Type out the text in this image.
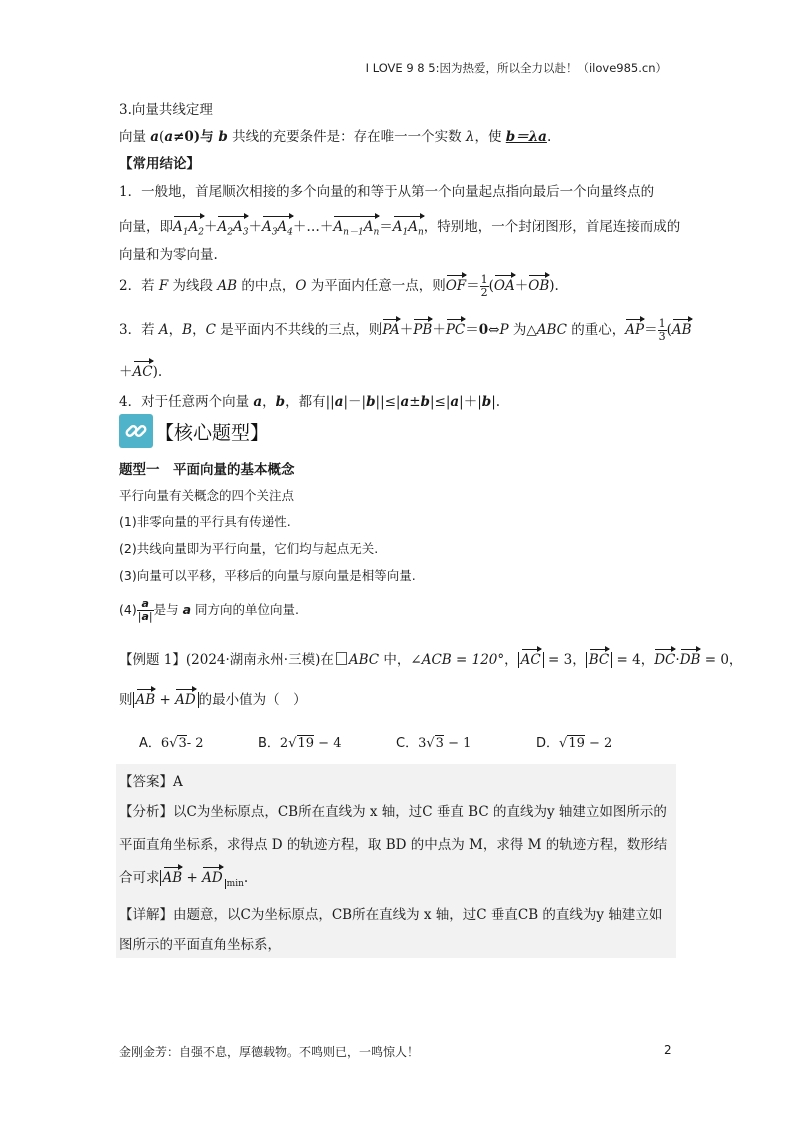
I LOVE 9 8 5:因为热爱，所以全力以赴！（ilove985.cn）
3.向量共线定理
向量 a(a≠0)与 b 共线的充要条件是：存在唯一一个实数 λ，使 b＝λa.
【常用结论】
1．一般地，首尾顺次相接的多个向量的和等于从第一个向量起点指向最后一个向量终点的
向量，即$A_1A_2+A_2A_3+A_3A_4+\dots+A_{n-1}A_n=A_1A_n$，特别地，一个封闭图形，首尾连接而成的
向量和为零向量.
2．若 F 为线段 AB 的中点，O 为平面内任意一点，则$OF= \frac{1}{2} (OA+OB)$.
3．若 A，B，C 是平面内不共线的三点，则PA＋PB＋PC＝0⇔P 为△ABC 的重心，$AP= \frac{1}{3} (AB$
＋AC).
4．对于任意两个向量 a，b，都有||a|－|b||≤|a±b|≤|a|＋|b|.
【核心题型】
题型一　平面向量的基本概念
平行向量有关概念的四个关注点
(1)非零向量的平行具有传递性.
(2)共线向量即为平行向量，它们均与起点无关.
(3)向量可以平移，平移后的向量与原向量是相等向量.
$(4) \frac{a}{|a|}$ 是与 a 同方向的单位向量.
【例题 1】(2024·湖南永州·三模)在 ABC 中，∠ACB = 120°， AC = 3， BC = 4，DC·DB = 0，
则 AB + AD 的最小值为（　）
A．6√3- 2	B．2√19 − 4	C．3√3 − 1	D．√19 − 2
【答案】A
【分析】以C为坐标原点，CB所在直线为 x 轴，过C 垂直 BC 的直线为y 轴建立如图所示的
平面直角坐标系，求得点 D 的轨迹方程，取 BD 的中点为 M，求得 M 的轨迹方程，数形结
合可求 AB + AD $_{min}$.
【详解】由题意，以C为坐标原点，CB所在直线为 x 轴，过C 垂直CB 的直线为y 轴建立如
图所示的平面直角坐标系，
金刚金芳：自强不息，厚德载物。不鸣则已，一鸣惊人！	2
